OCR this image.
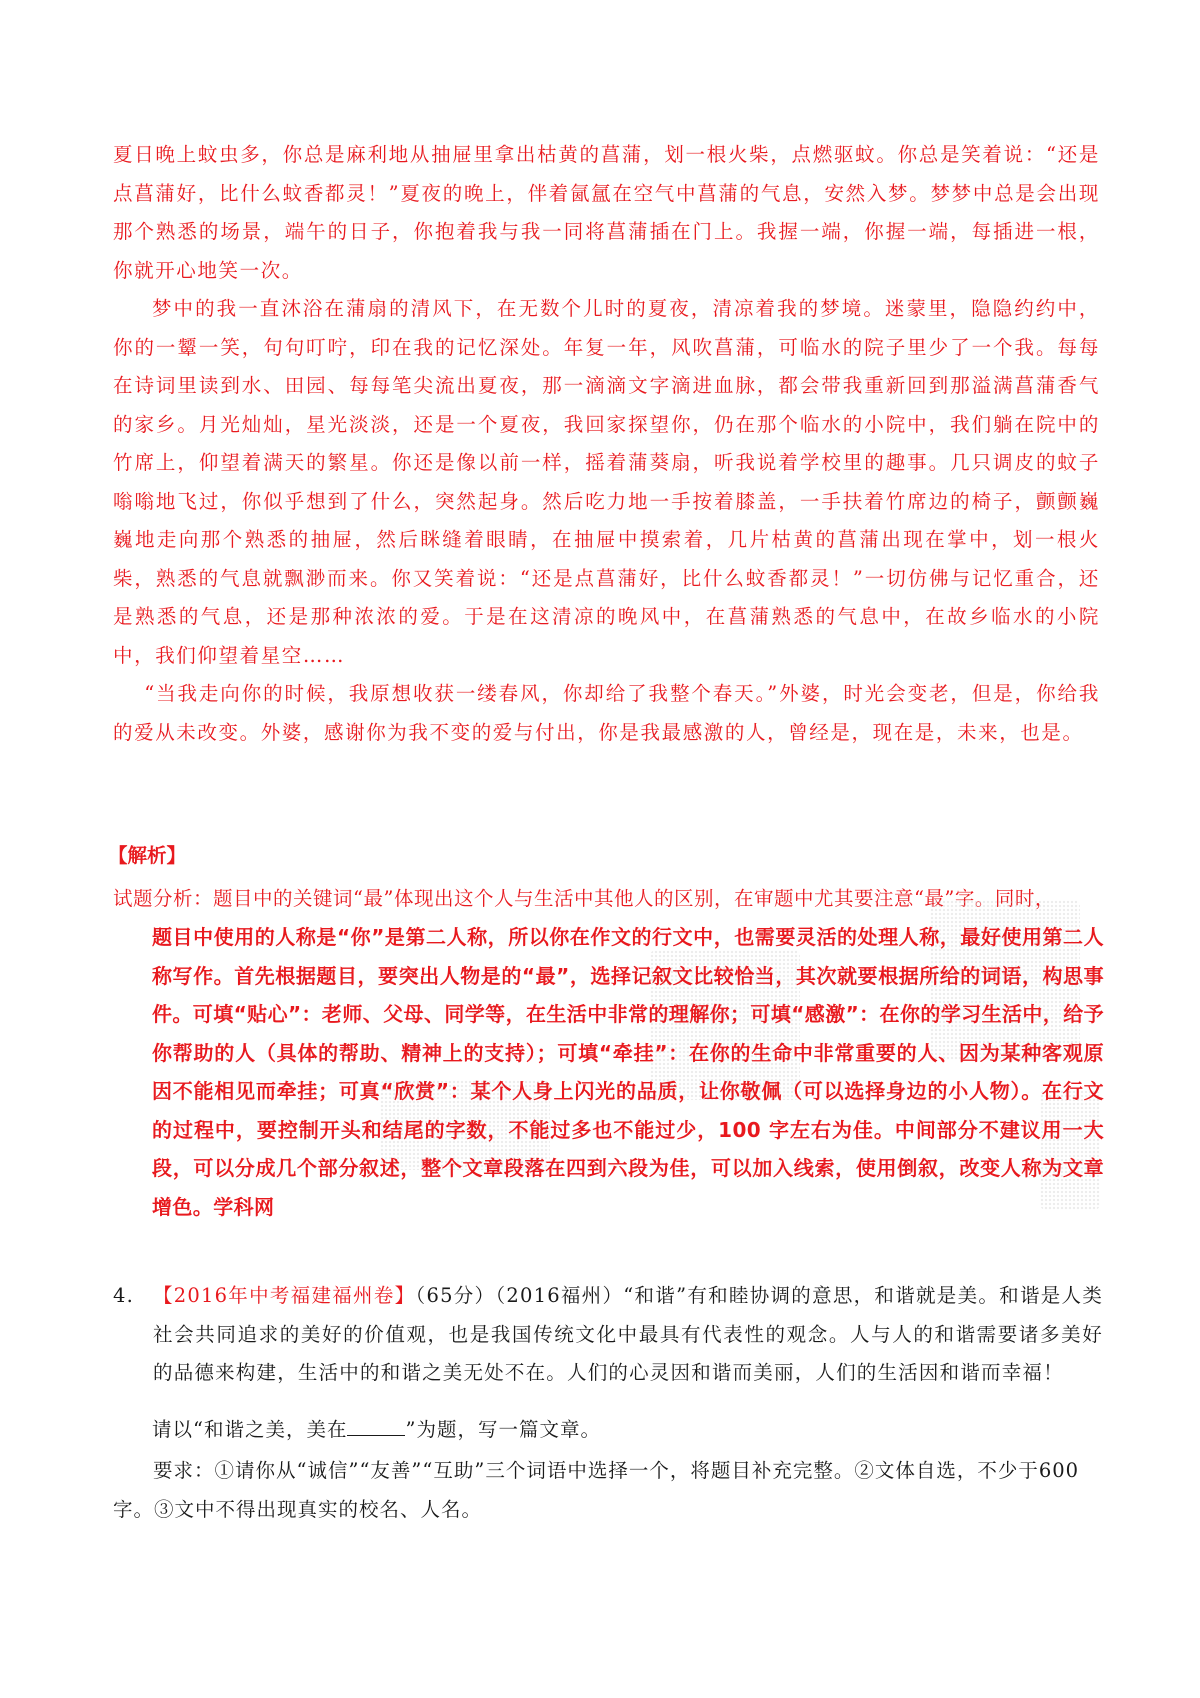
夏日晚上蚊虫多，你总是麻利地从抽屉里拿出枯黄的菖蒲，划一根火柴，点燃驱蚊。你总是笑着说：“还是点菖蒲好，比什么蚊香都灵！”夏夜的晚上，伴着氤氲在空气中菖蒲的气息，安然入梦。梦梦中总是会出现那个熟悉的场景，端午的日子，你抱着我与我一同将菖蒲插在门上。我握一端，你握一端，每插进一根，你就开心地笑一次。

梦中的我一直沐浴在蒲扇的清风下，在无数个儿时的夏夜，清凉着我的梦境。迷蒙里，隐隐约约中，你的一颦一笑，句句叮咛，印在我的记忆深处。年复一年，风吹菖蒲，可临水的院子里少了一个我。每每在诗词里读到水、田园、每每笔尖流出夏夜，那一滴滴文字滴进血脉，都会带我重新回到那溢满菖蒲香气的家乡。月光灿灿，星光淡淡，还是一个夏夜，我回家探望你，仍在那个临水的小院中，我们躺在院中的竹席上，仰望着满天的繁星。你还是像以前一样，摇着蒲葵扇，听我说着学校里的趣事。几只调皮的蚊子嗡嗡地飞过，你似乎想到了什么，突然起身。然后吃力地一手按着膝盖，一手扶着竹席边的椅子，颤颤巍巍地走向那个熟悉的抽屉，然后眯缝着眼睛，在抽屉中摸索着，几片枯黄的菖蒲出现在掌中，划一根火柴，熟悉的气息就飘渺而来。你又笑着说：“还是点菖蒲好，比什么蚊香都灵！”一切仿佛与记忆重合，还是熟悉的气息，还是那种浓浓的爱。于是在这清凉的晚风中，在菖蒲熟悉的气息中，在故乡临水的小院中，我们仰望着星空……

“当我走向你的时候，我原想收获一缕春风，你却给了我整个春天。”外婆，时光会变老，但是，你给我的爱从未改变。外婆，感谢你为我不变的爱与付出，你是我最感激的人，曾经是，现在是，未来，也是。

【解析】
试题分析：题目中的关键词“最”体现出这个人与生活中其他人的区别，在审题中尤其要注意“最”字。同时，
题目中使用的人称是“你”是第二人称，所以你在作文的行文中，也需要灵活的处理人称，最好使用第二人称写作。首先根据题目，要突出人物是的“最”，选择记叙文比较恰当，其次就要根据所给的词语，构思事件。可填“贴心”：老师、父母、同学等，在生活中非常的理解你；可填“感激”：在你的学习生活中，给予你帮助的人（具体的帮助、精神上的支持）；可填“牵挂”：在你的生命中非常重要的人、因为某种客观原因不能相见而牵挂；可真“欣赏”：某个人身上闪光的品质，让你敬佩（可以选择身边的小人物）。在行文的过程中，要控制开头和结尾的字数，不能过多也不能过少，100 字左右为佳。中间部分不建议用一大段，可以分成几个部分叙述，整个文章段落在四到六段为佳，可以加入线索，使用倒叙，改变人称为文章增色。学科网
4. 【2016年中考福建福州卷】（65分）（2016福州）“和谐”有和睦协调的意思，和谐就是美。和谐是人类社会共同追求的美好的价值观，也是我国传统文化中最具有代表性的观念。人与人的和谐需要诸多美好的品德来构建，生活中的和谐之美无处不在。人们的心灵因和谐而美丽，人们的生活因和谐而幸福！
请以“和谐之美，美在	”为题，写一篇文章。
要求：①请你从“诚信”“友善”“互助”三个词语中选择一个，将题目补充完整。②文体自选，不少于600字。③文中不得出现真实的校名、人名。
